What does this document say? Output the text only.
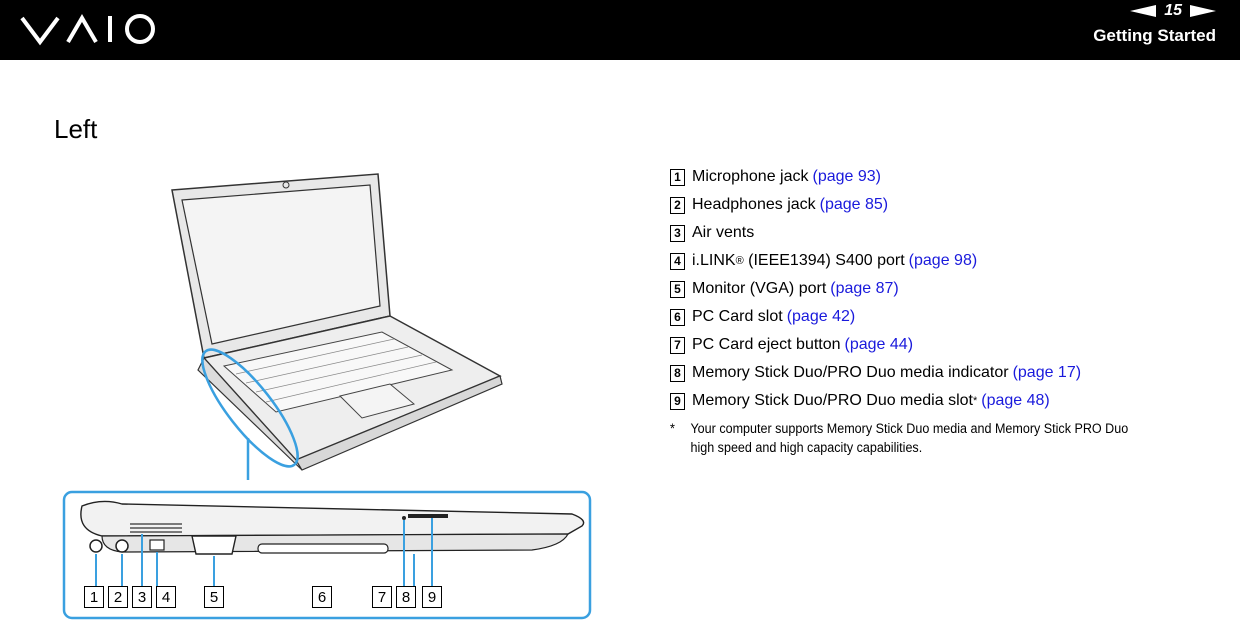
15
Getting Started
Left
1	2	3	4	5	6	7	8	9
1 Microphone jack (page 93)
2 Headphones jack (page 85)
3 Air vents
4 i.LINK ® (IEEE1394) S400 port (page 98)
5 Monitor (VGA) port (page 87)
6 PC Card slot (page 42)
7 PC Card eject button (page 44)
8 Memory Stick Duo/PRO Duo media indicator (page 17)
9 Memory Stick Duo/PRO Duo media slot * (page 48)
*	Your computer supports Memory Stick Duo media and Memory Stick PRO Duo high speed and high capacity capabilities.
